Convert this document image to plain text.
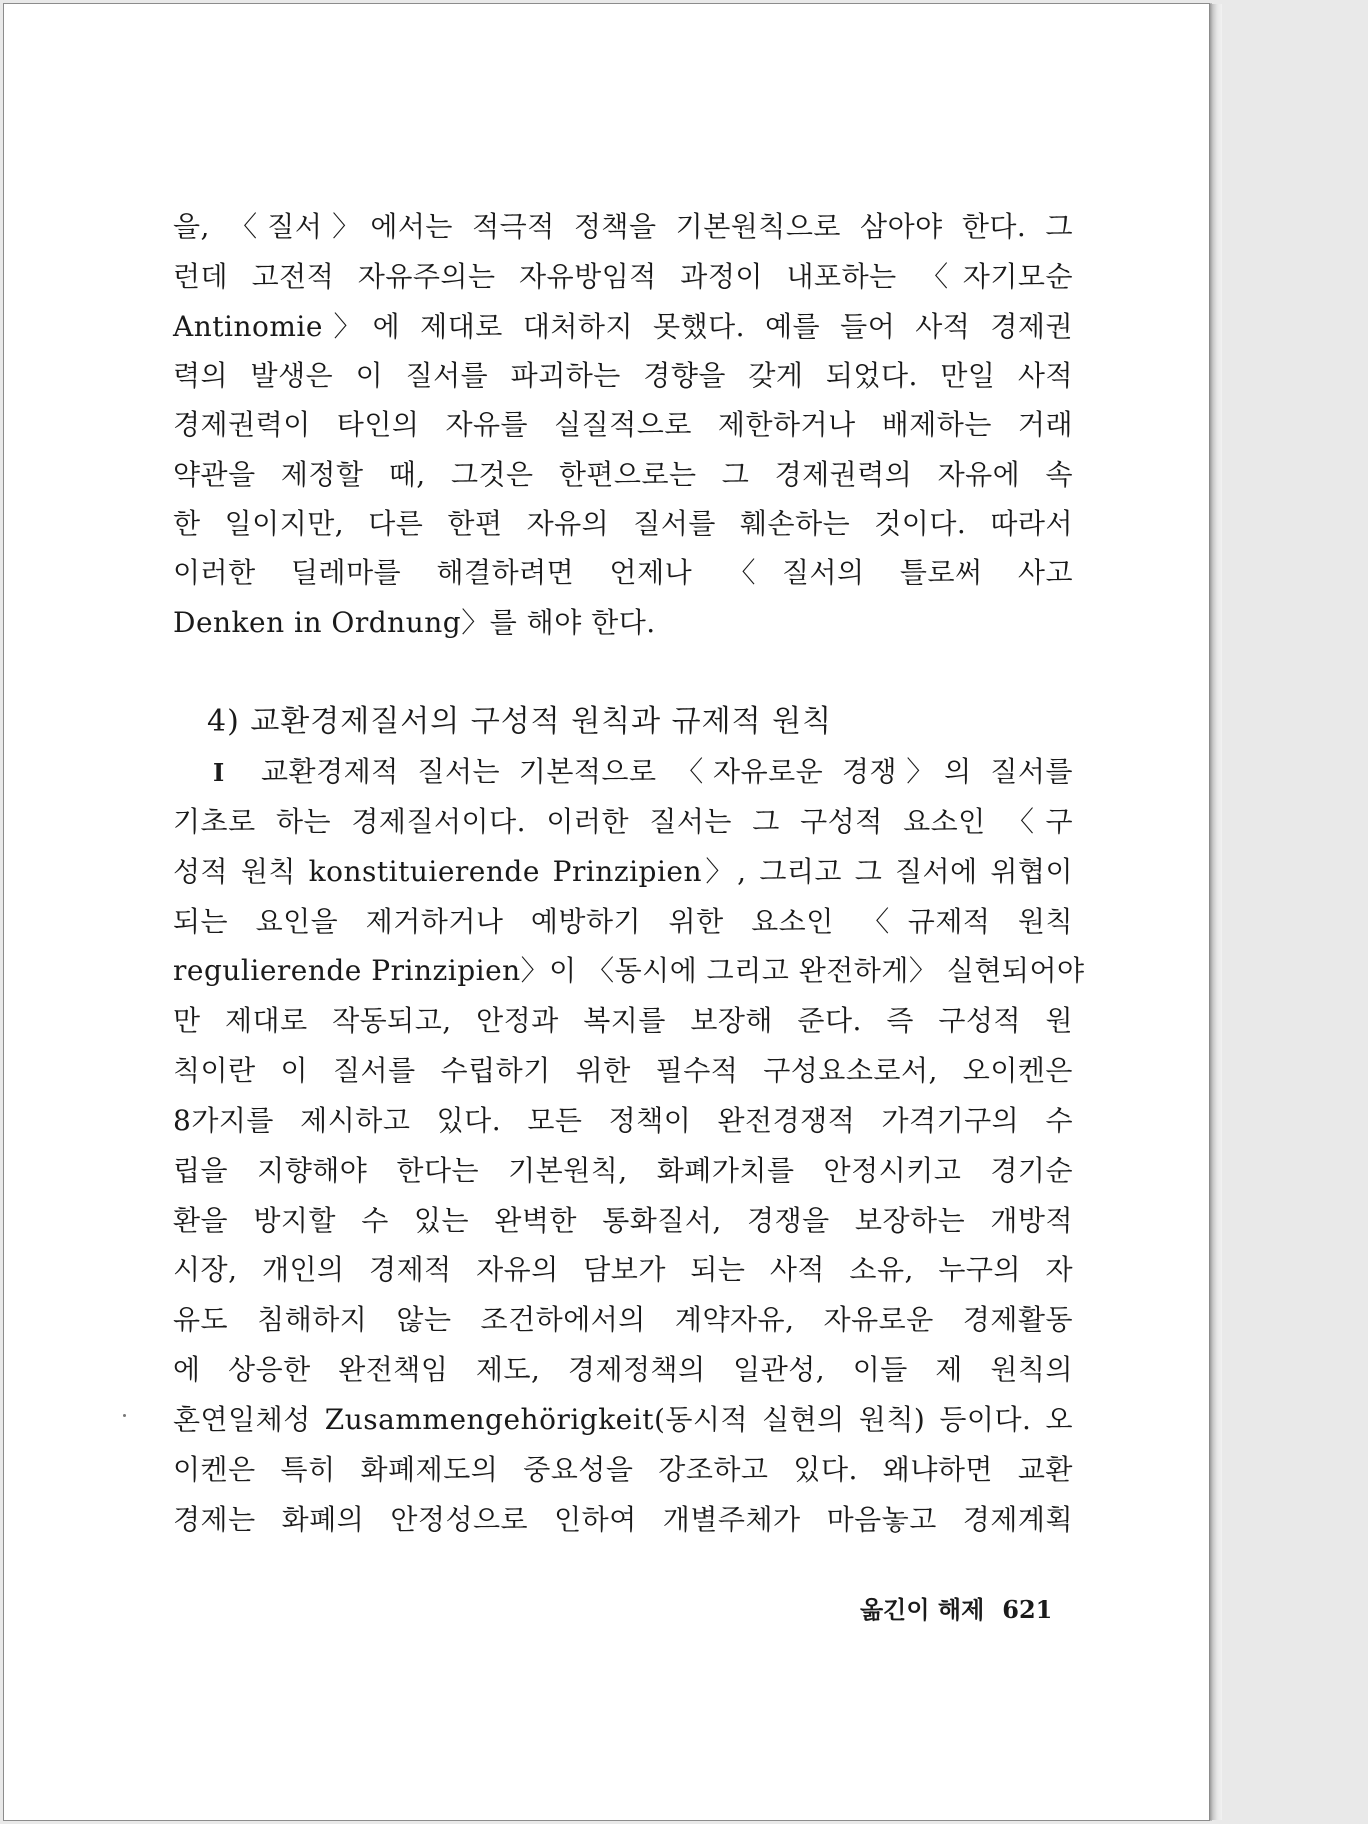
을, 〈질서〉에서는 적극적 정책을 기본원칙으로 삼아야 한다. 그
런데 고전적 자유주의는 자유방임적 과정이 내포하는 〈자기모순
Antinomie〉에 제대로 대처하지 못했다. 예를 들어 사적 경제권
력의 발생은 이 질서를 파괴하는 경향을 갖게 되었다. 만일 사적
경제권력이 타인의 자유를 실질적으로 제한하거나 배제하는 거래
약관을 제정할 때, 그것은 한편으로는 그 경제권력의 자유에 속
한 일이지만, 다른 한편 자유의 질서를 훼손하는 것이다. 따라서
이러한 딜레마를 해결하려면 언제나 〈질서의 틀로써 사고
Denken in Ordnung〉를 해야 한다.
4) 교환경제질서의 구성적 원칙과 규제적 원칙
I 교환경제적 질서는 기본적으로 〈자유로운 경쟁〉의 질서를
기초로 하는 경제질서이다. 이러한 질서는 그 구성적 요소인 〈구
성적 원칙 konstituierende Prinzipien〉, 그리고 그 질서에 위협이
되는 요인을 제거하거나 예방하기 위한 요소인 〈규제적 원칙
regulierende Prinzipien〉이 〈동시에 그리고 완전하게〉 실현되어야
만 제대로 작동되고, 안정과 복지를 보장해 준다. 즉 구성적 원
칙이란 이 질서를 수립하기 위한 필수적 구성요소로서, 오이켄은
8가지를 제시하고 있다. 모든 정책이 완전경쟁적 가격기구의 수
립을 지향해야 한다는 기본원칙, 화폐가치를 안정시키고 경기순
환을 방지할 수 있는 완벽한 통화질서, 경쟁을 보장하는 개방적
시장, 개인의 경제적 자유의 담보가 되는 사적 소유, 누구의 자
유도 침해하지 않는 조건하에서의 계약자유, 자유로운 경제활동
에 상응한 완전책임 제도, 경제정책의 일관성, 이들 제 원칙의
혼연일체성 Zusammengehörigkeit(동시적 실현의 원칙) 등이다. 오
이켄은 특히 화폐제도의 중요성을 강조하고 있다. 왜냐하면 교환
경제는 화폐의 안정성으로 인하여 개별주체가 마음놓고 경제계획
옮긴이 해제 621
